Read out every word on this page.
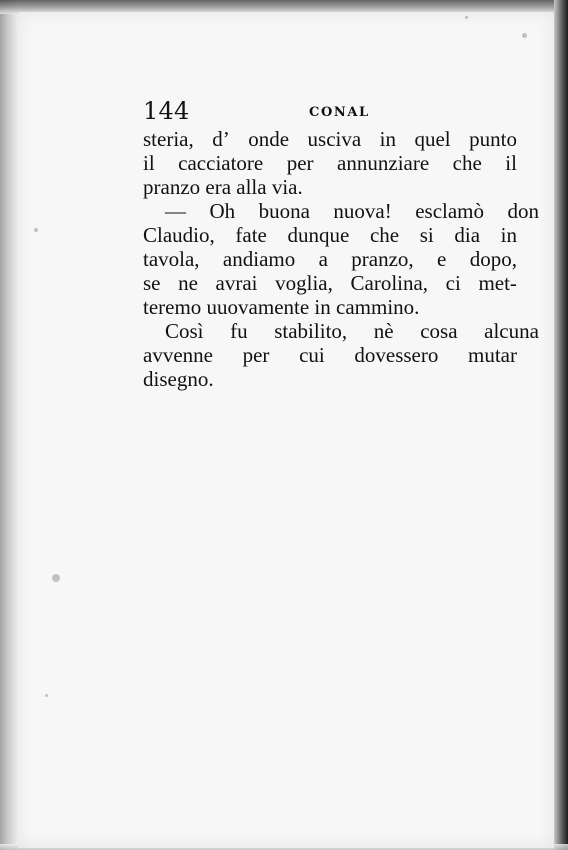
144	CONAL
steria, d’ onde usciva in quel punto
il cacciatore per annunziare che il
pranzo era alla via.
— Oh buona nuova! esclamò don
Claudio, fate dunque che si dia in
tavola, andiamo a pranzo, e dopo,
se ne avrai voglia, Carolina, ci met-
teremo uuovamente in cammino.
Così fu stabilito, nè cosa alcuna
avvenne per cui dovessero mutar
disegno.
